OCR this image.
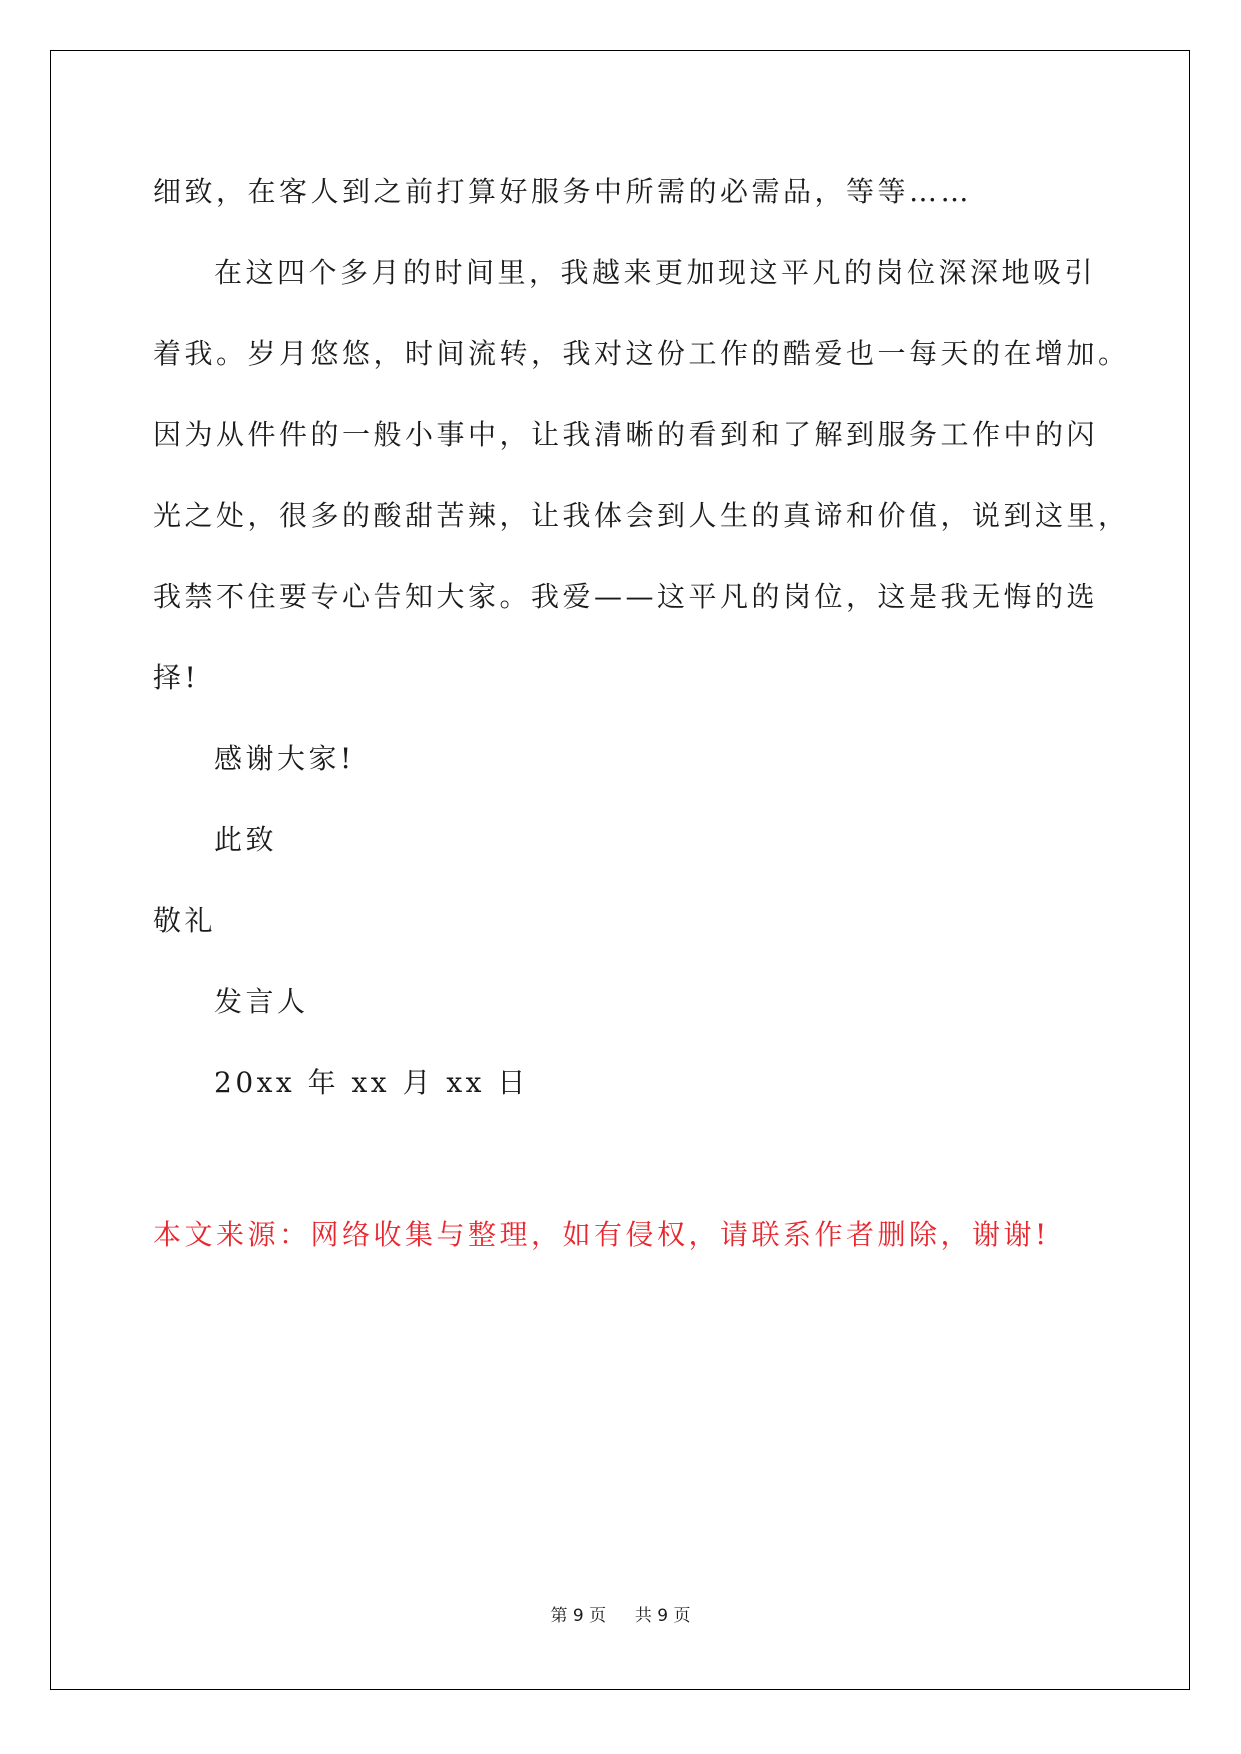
细致，在客人到之前打算好服务中所需的必需品，等等……
在这四个多月的时间里，我越来更加现这平凡的岗位深深地吸引
着我。岁月悠悠，时间流转，我对这份工作的酷爱也一每天的在增加。
因为从件件的一般小事中，让我清晰的看到和了解到服务工作中的闪
光之处，很多的酸甜苦辣，让我体会到人生的真谛和价值，说到这里，
我禁不住要专心告知大家。我爱——这平凡的岗位，这是我无悔的选
择!
感谢大家!
此致
敬礼
发言人
20xx 年 xx 月 xx 日
本文来源：网络收集与整理，如有侵权，请联系作者删除，谢谢!
第 9 页 共 9 页
